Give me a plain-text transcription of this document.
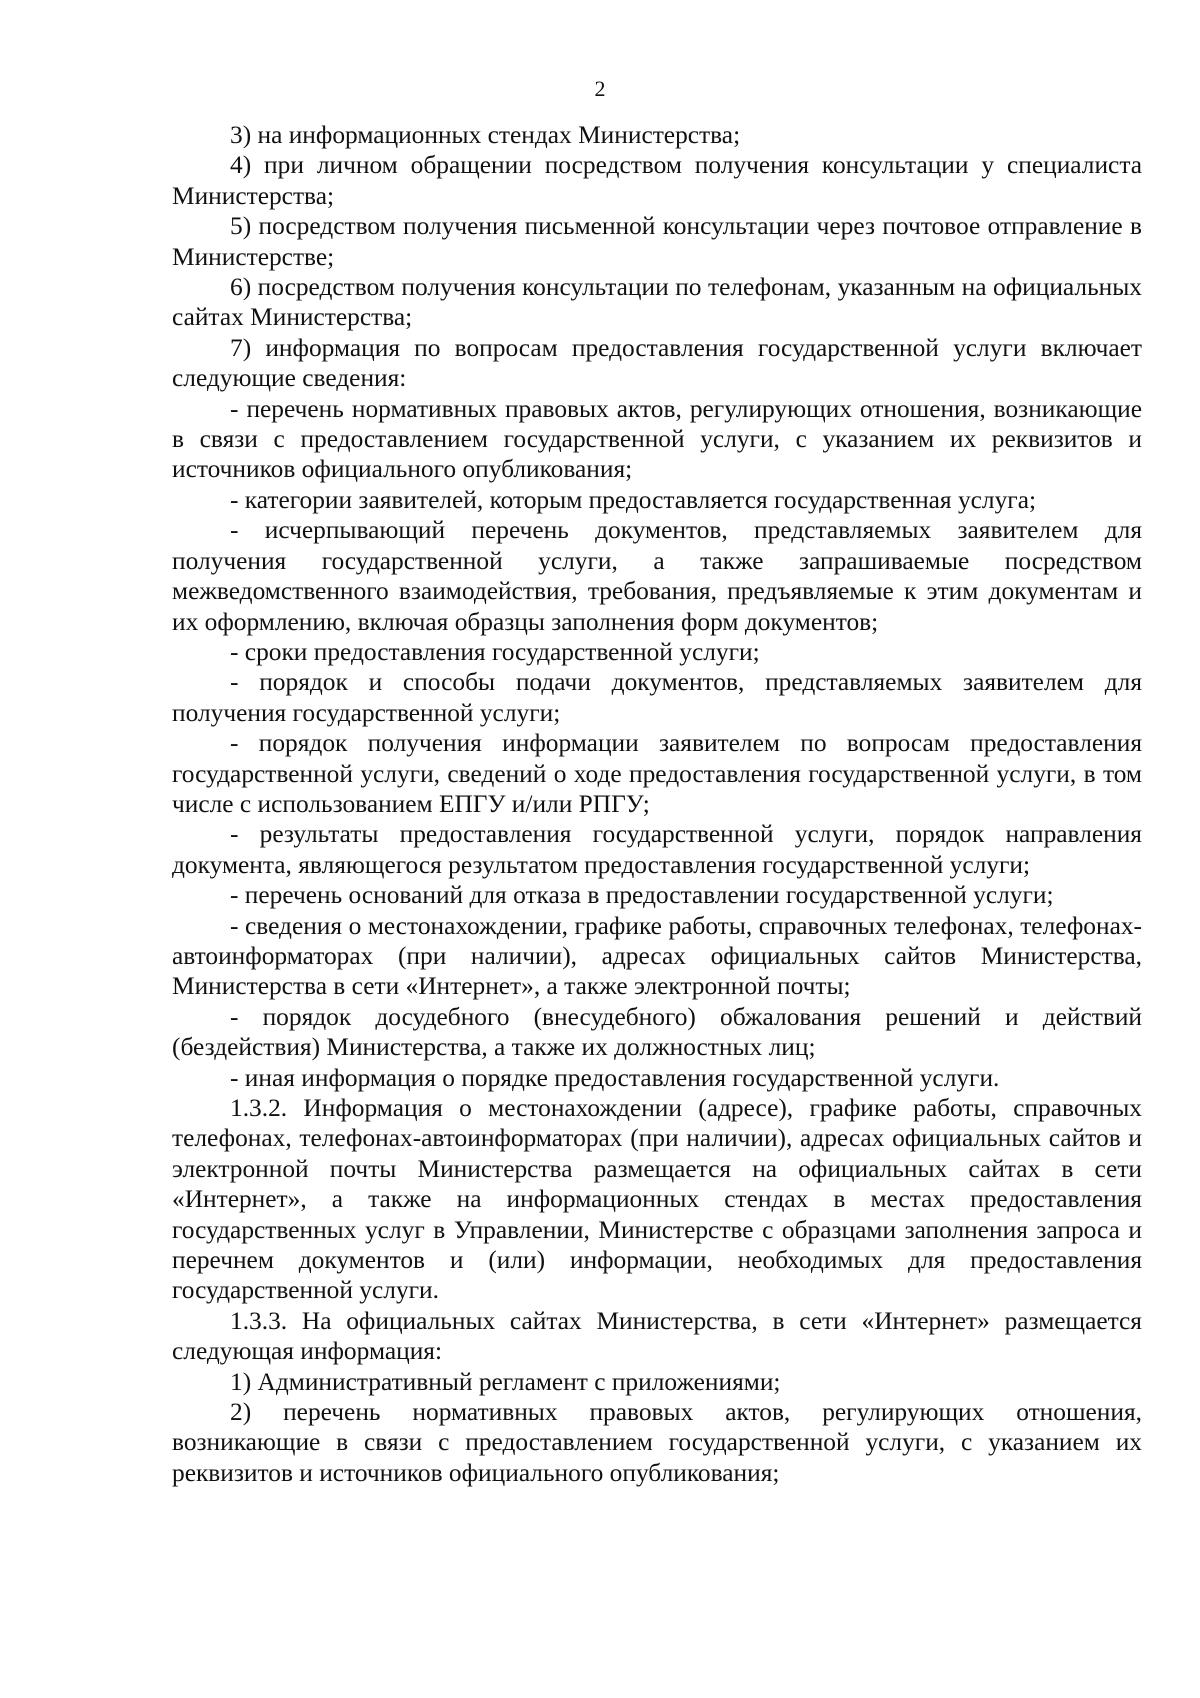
2

3) на информационных стендах Министерства;

4) при личном обращении посредством получения консультации у специалиста Министерства;

5) посредством получения письменной консультации через почтовое отправление в Министерстве;

6) посредством получения консультации по телефонам, указанным на официальных сайтах Министерства;

7) информация по вопросам предоставления государственной услуги включает следующие сведения:

- перечень нормативных правовых актов, регулирующих отношения, возникающие в связи с предоставлением государственной услуги, с указанием их реквизитов и источников официального опубликования;

- категории заявителей, которым предоставляется государственная услуга;

- исчерпывающий перечень документов, представляемых заявителем для получения государственной услуги, а также запрашиваемые посредством межведомственного взаимодействия, требования, предъявляемые к этим документам и их оформлению, включая образцы заполнения форм документов;

- сроки предоставления государственной услуги;

- порядок и способы подачи документов, представляемых заявителем для получения государственной услуги;

- порядок получения информации заявителем по вопросам предоставления государственной услуги, сведений о ходе предоставления государственной услуги, в том числе с использованием ЕПГУ и/или РПГУ;

- результаты предоставления государственной услуги, порядок направления документа, являющегося результатом предоставления государственной услуги;

- перечень оснований для отказа в предоставлении государственной услуги;

- сведения о местонахождении, графике работы, справочных телефонах, телефонах-автоинформаторах (при наличии), адресах официальных сайтов Министерства, Министерства в сети «Интернет», а также электронной почты;

- порядок досудебного (внесудебного) обжалования решений и действий (бездействия) Министерства, а также их должностных лиц;

- иная информация о порядке предоставления государственной услуги.

1.3.2. Информация о местонахождении (адресе), графике работы, справочных телефонах, телефонах-автоинформаторах (при наличии), адресах официальных сайтов и электронной почты Министерства размещается на официальных сайтах в сети «Интернет», а также на информационных стендах в местах предоставления государственных услуг в Управлении, Министерстве с образцами заполнения запроса и перечнем документов и (или) информации, необходимых для предоставления государственной услуги.

1.3.3. На официальных сайтах Министерства, в сети «Интернет» размещается следующая информация:

1) Административный регламент с приложениями;

2) перечень нормативных правовых актов, регулирующих отношения, возникающие в связи с предоставлением государственной услуги, с указанием их реквизитов и источников официального опубликования;
